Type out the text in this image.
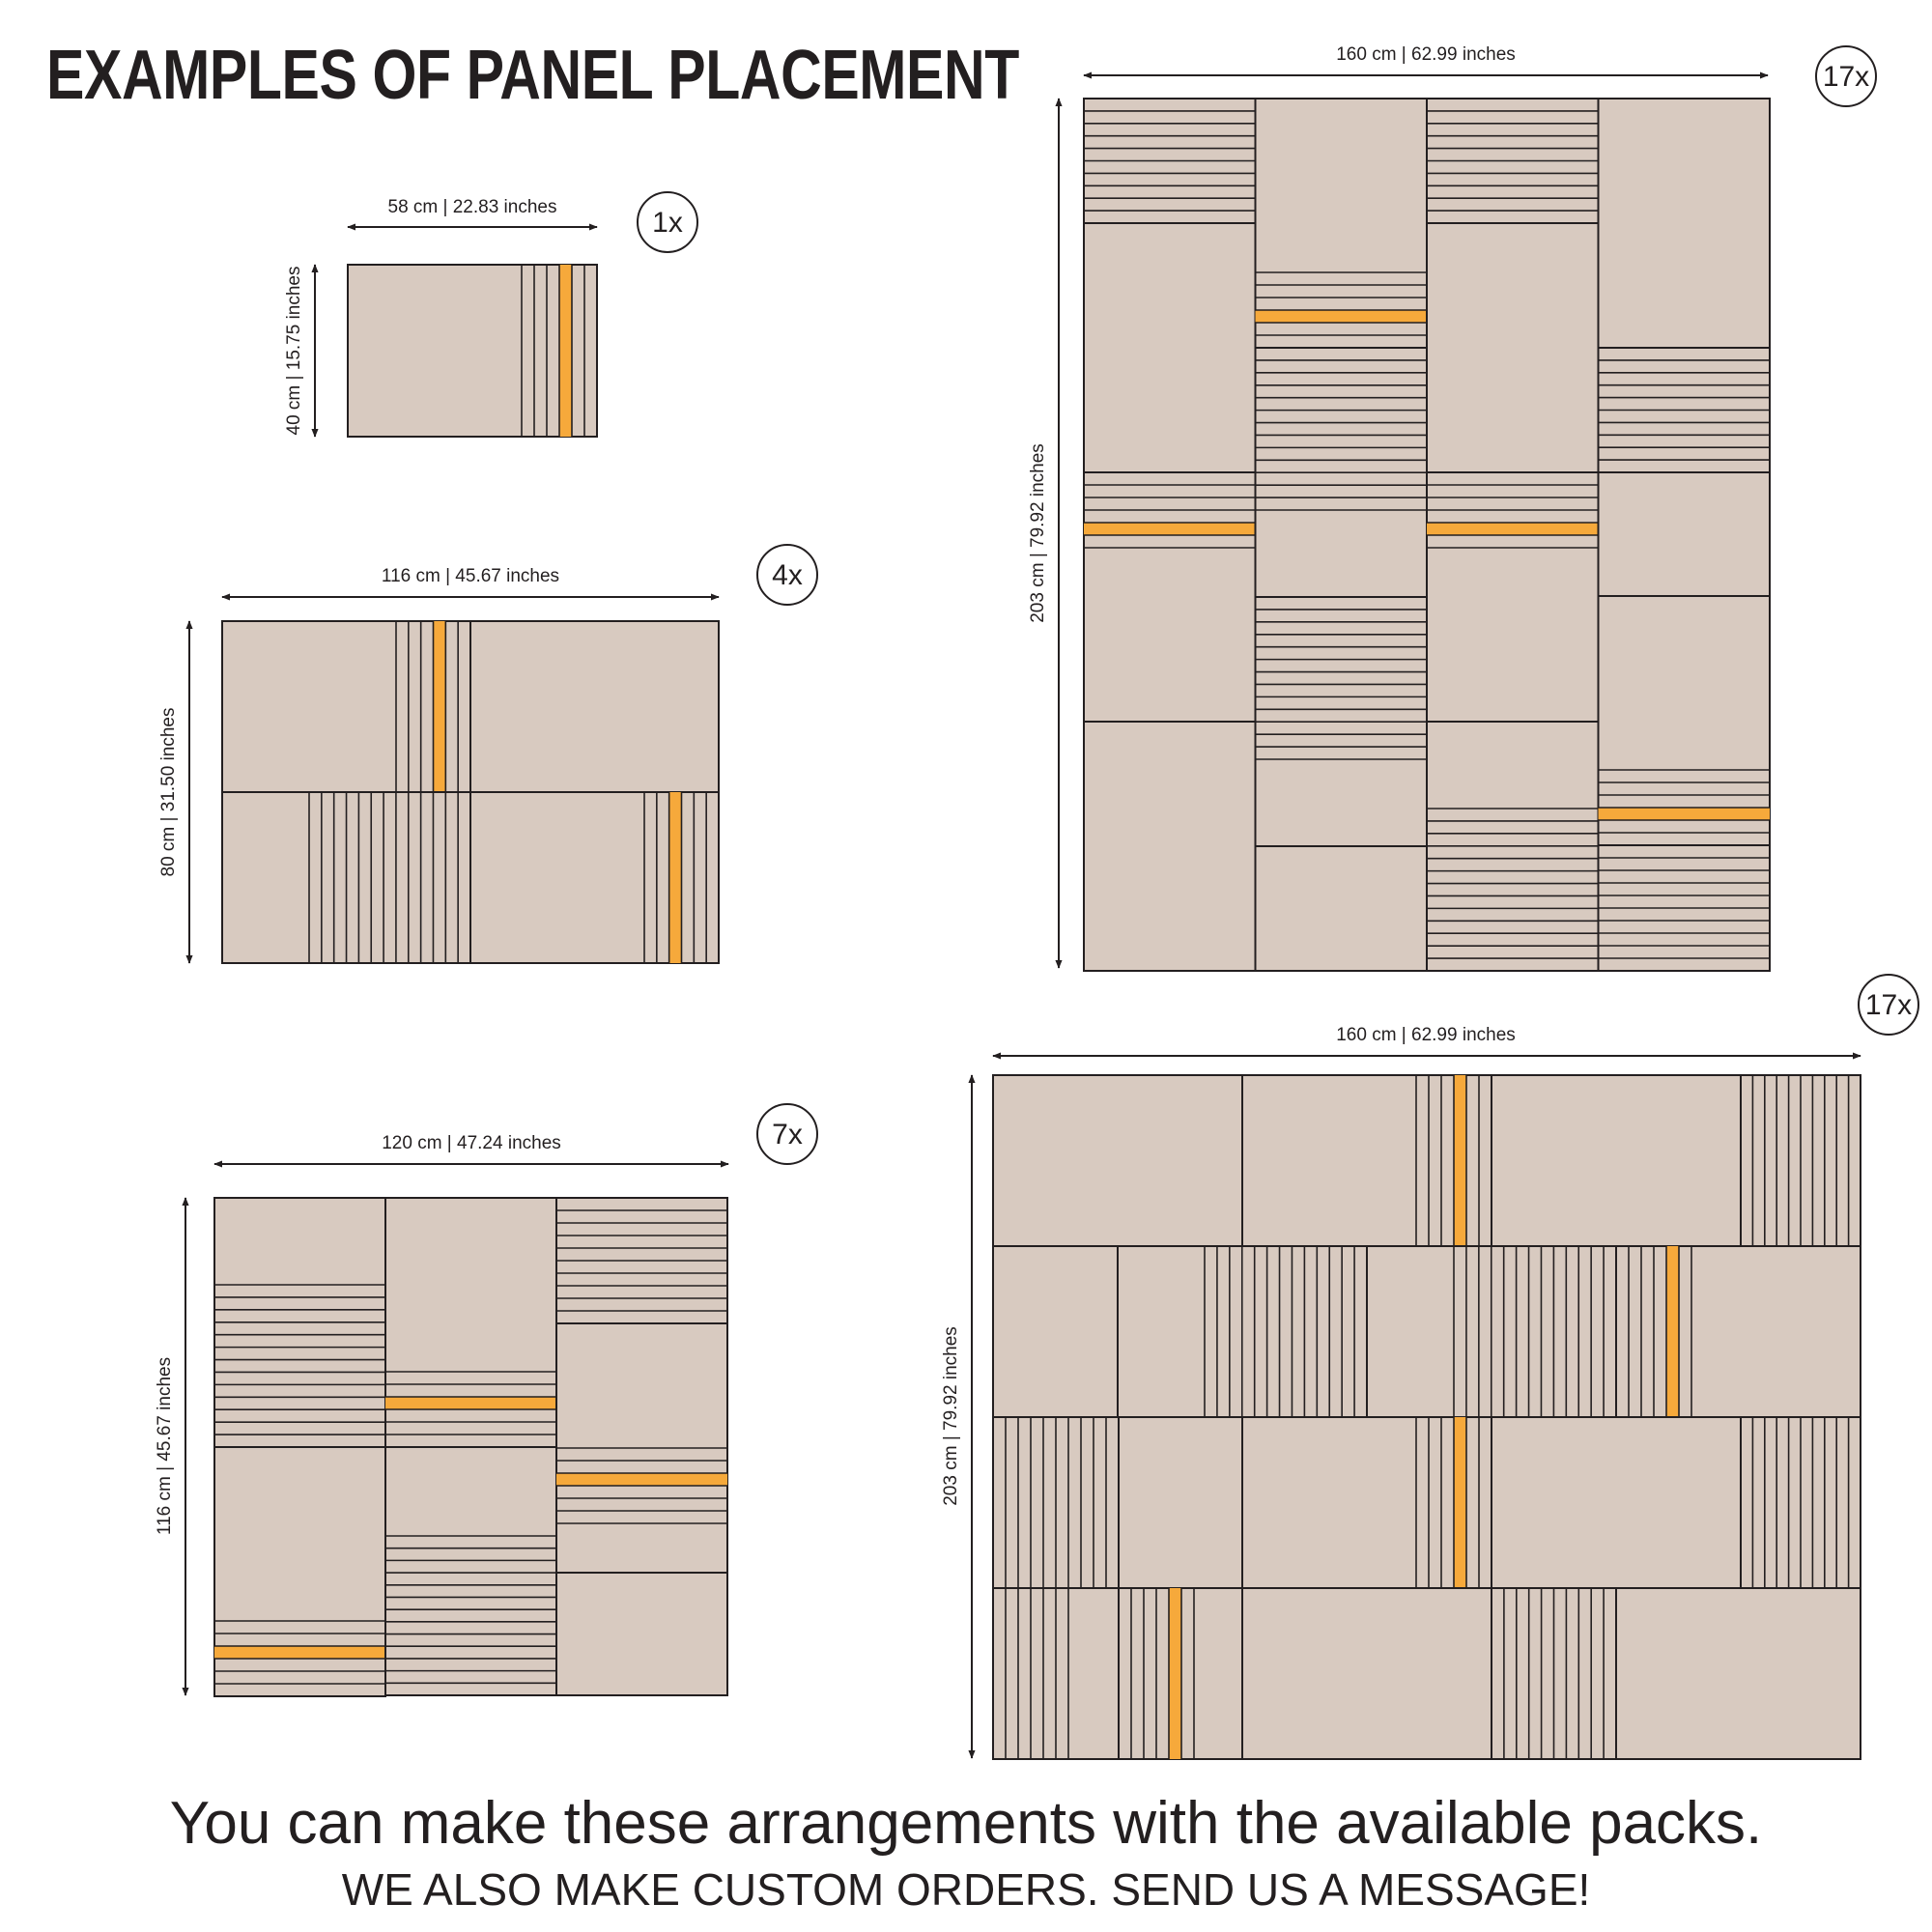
EXAMPLES OF PANEL PLACEMENT
58 cm | 22.83 inches
40 cm | 15.75 inches
1x
116 cm | 45.67 inches
80 cm | 31.50 inches
4x
120 cm | 47.24 inches
116 cm | 45.67 inches
7x
160 cm | 62.99 inches
203 cm | 79.92 inches
17x
160 cm | 62.99 inches
203 cm | 79.92 inches
17x
You can make these arrangements with the available packs.
WE ALSO MAKE CUSTOM ORDERS. SEND US A MESSAGE!
